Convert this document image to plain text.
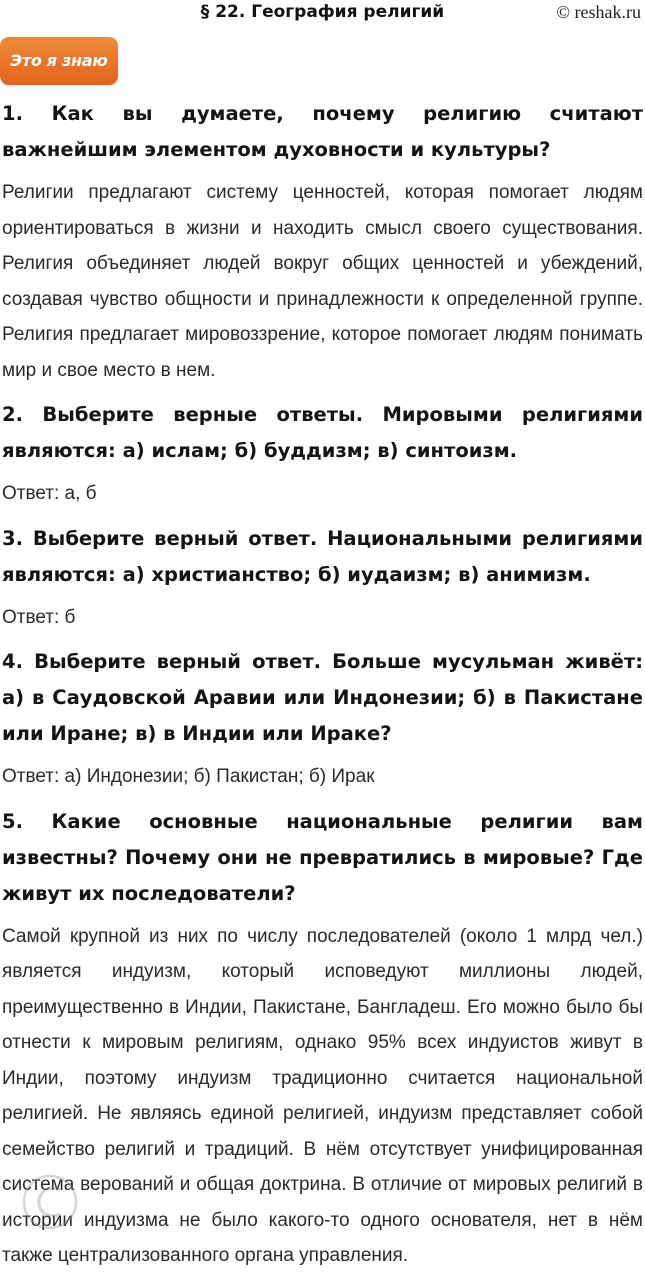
§ 22. География религий	© reshak.ru
Это я знаю

1. Как вы думаете, почему религию считают важнейшим элементом духовности и культуры?

Религии предлагают систему ценностей, которая помогает людям ориентироваться в жизни и находить смысл своего существования. Религия объединяет людей вокруг общих ценностей и убеждений, создавая чувство общности и принадлежности к определенной группе. Религия предлагает мировоззрение, которое помогает людям понимать мир и свое место в нем.

2. Выберите верные ответы. Мировыми религиями являются: а) ислам; б) буддизм; в) синтоизм.

Ответ: а, б

3. Выберите верный ответ. Национальными религиями являются: а) христианство; б) иудаизм; в) анимизм.

Ответ: б

4. Выберите верный ответ. Больше мусульман живёт: а) в Саудовской Аравии или Индонезии; б) в Пакистане или Иране; в) в Индии или Ираке?

Ответ: а) Индонезии; б) Пакистан; б) Ирак

5. Какие основные национальные религии вам известны? Почему они не превратились в мировые? Где живут их последователи?

Самой крупной из них по числу последователей (около 1 млрд чел.) является индуизм, который исповедуют миллионы людей, преимущественно в Индии, Пакистане, Бангладеш. Его можно было бы отнести к мировым религиям, однако 95% всех индуистов живут в Индии, поэтому индуизм традиционно считается национальной религией. Не являясь единой религией, индуизм представляет собой семейство религий и традиций. В нём отсутствует унифицированная система верований и общая доктрина. В отличие от мировых религий в истории индуизма не было какого-то одного основателя, нет в нём также централизованного органа управления.
